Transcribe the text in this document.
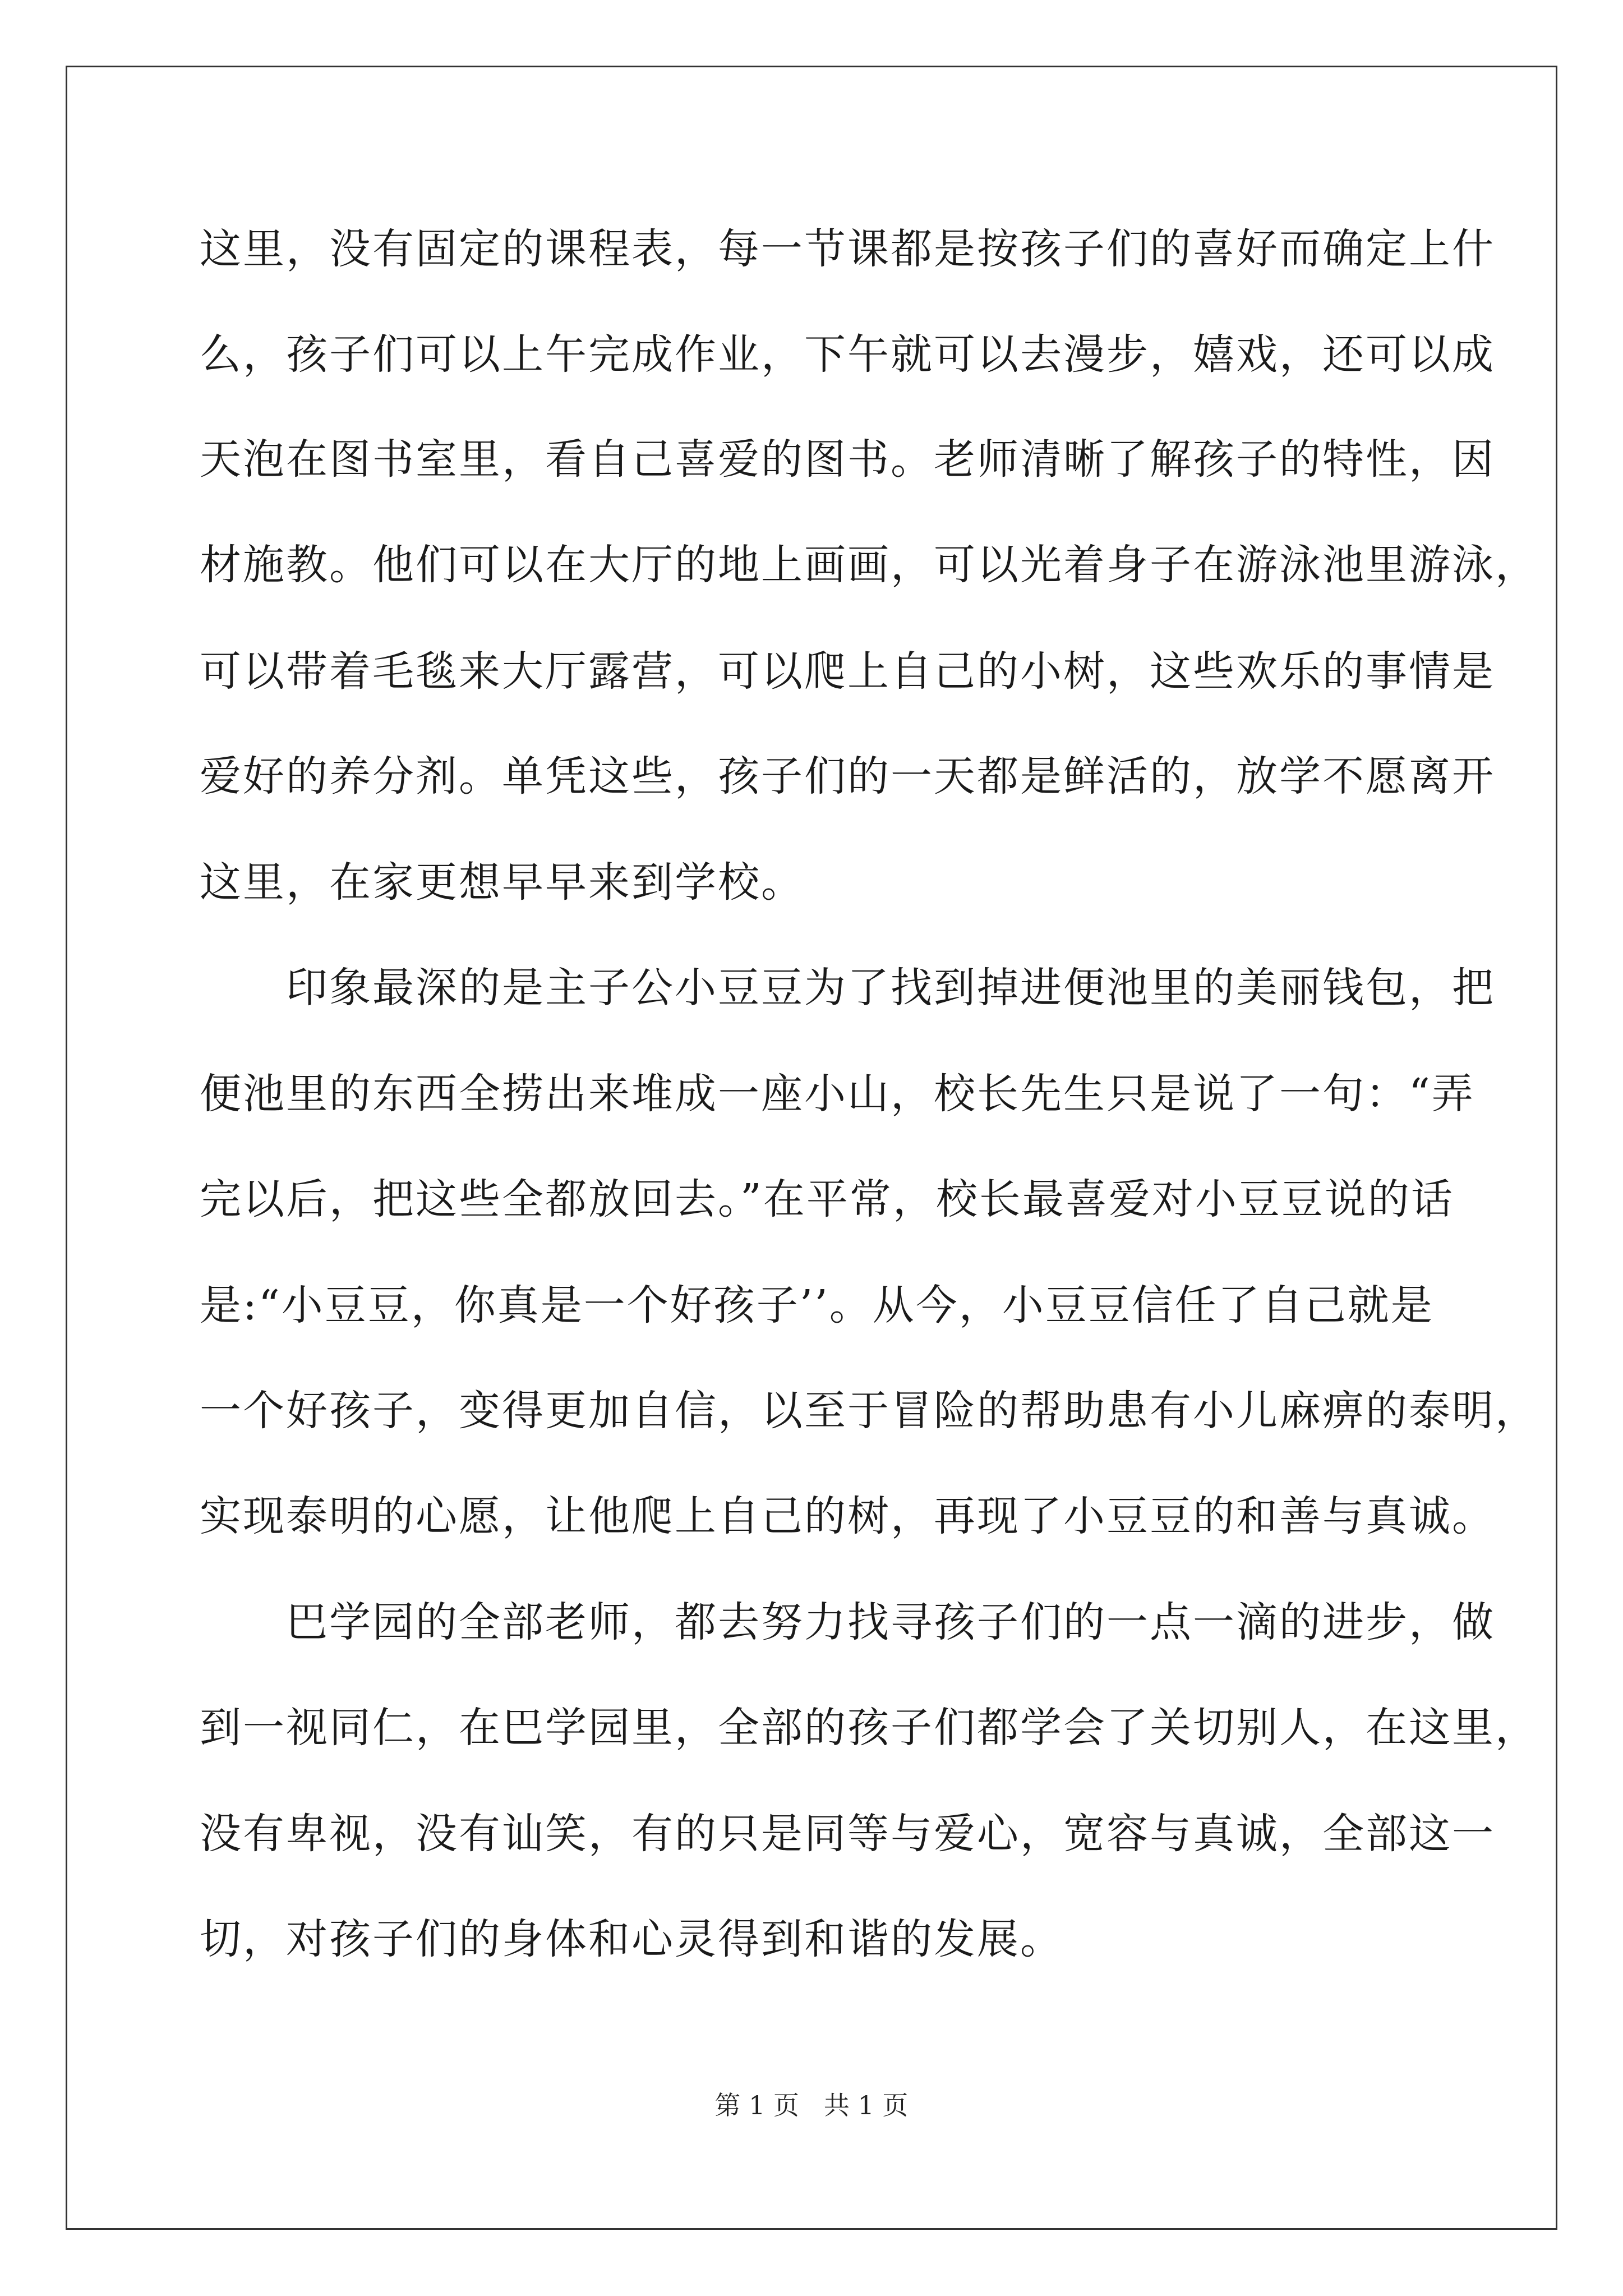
这里，没有固定的课程表，每一节课都是按孩子们的喜好而确定上什
么，孩子们可以上午完成作业，下午就可以去漫步，嬉戏，还可以成
天泡在图书室里，看自己喜爱的图书。老师清晰了解孩子的特性，因
材施教。他们可以在大厅的地上画画，可以光着身子在游泳池里游泳，
可以带着毛毯来大厅露营，可以爬上自己的小树，这些欢乐的事情是
爱好的养分剂。单凭这些，孩子们的一天都是鲜活的，放学不愿离开
这里，在家更想早早来到学校。
　　印象最深的是主子公小豆豆为了找到掉进便池里的美丽钱包，把
便池里的东西全捞出来堆成一座小山，校长先生只是说了一句：“弄
完以后，把这些全都放回去。”在平常，校长最喜爱对小豆豆说的话
是:“小豆豆，你真是一个好孩子’’。从今，小豆豆信任了自己就是
一个好孩子，变得更加自信，以至于冒险的帮助患有小儿麻痹的泰明，
实现泰明的心愿，让他爬上自己的树，再现了小豆豆的和善与真诚。
　　巴学园的全部老师，都去努力找寻孩子们的一点一滴的进步，做
到一视同仁，在巴学园里，全部的孩子们都学会了关切别人，在这里，
没有卑视，没有讪笑，有的只是同等与爱心，宽容与真诚，全部这一
切，对孩子们的身体和心灵得到和谐的发展。
第 1 页   共 1 页
